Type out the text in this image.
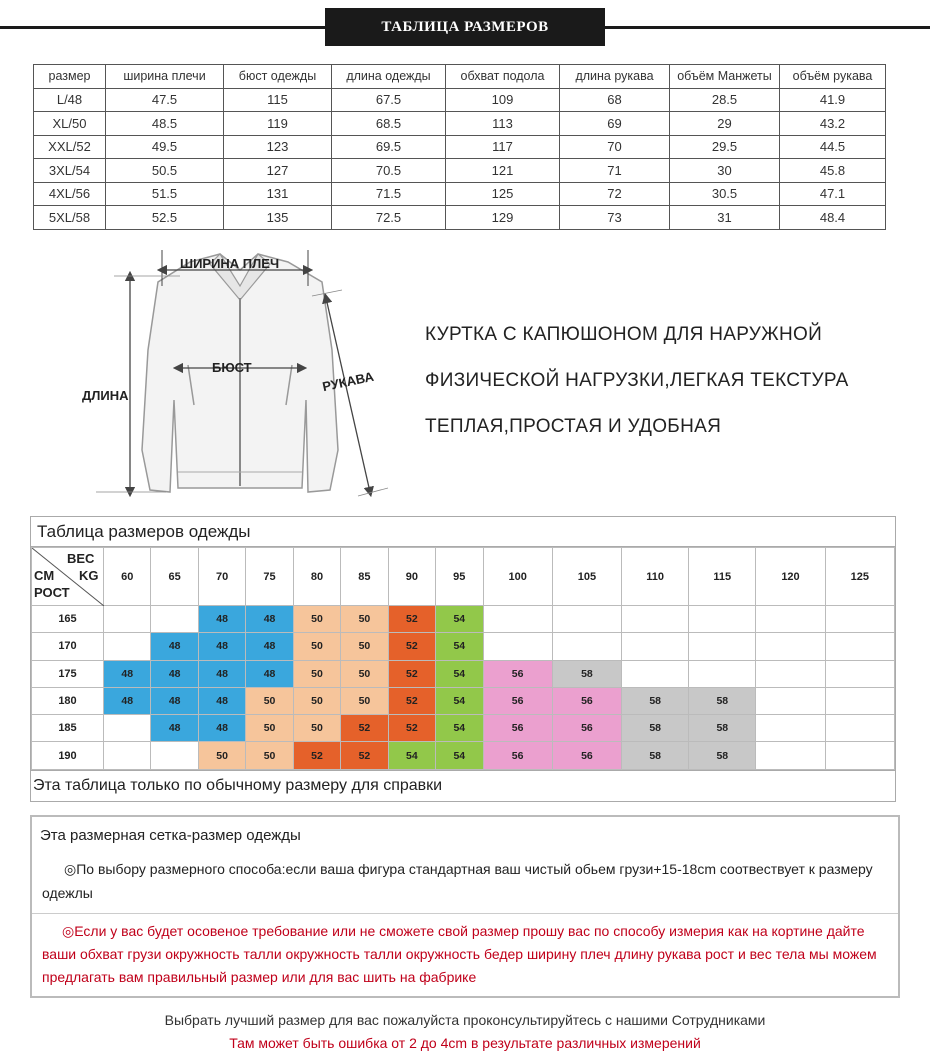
ТАБЛИЦА РАЗМЕРОВ
размер	ширина плечи	бюст одежды	длина одежды	обхват подола	длина рукава	объём Манжеты	объём рукава
L/48	47.5	115	67.5	109	68	28.5	41.9
XL/50	48.5	119	68.5	113	69	29	43.2
XXL/52	49.5	123	69.5	117	70	29.5	44.5
3XL/54	50.5	127	70.5	121	71	30	45.8
4XL/56	51.5	131	71.5	125	72	30.5	47.1
5XL/58	52.5	135	72.5	129	73	31	48.4
ШИРИНА ПЛЕЧ
БЮСТ
ДЛИНА
РУКАВА
КУРТКА С КАПЮШОНОМ ДЛЯ НАРУЖНОЙ
ФИЗИЧЕСКОЙ НАГРУЗКИ,ЛЕГКАЯ ТЕКСТУРА
ТЕПЛАЯ,ПРОСТАЯ И УДОБНАЯ
Таблица размеров одежды
ВЕС
CM KG
РОСТ	60	65	70	75	80	85	90	95	100	105	110	115	120	125
165			48	48	50	50	52	54						
170		48	48	48	50	50	52	54						
175	48	48	48	48	50	50	52	54	56	58				
180	48	48	48	50	50	50	52	54	56	56	58	58		
185		48	48	50	50	52	52	54	56	56	58	58		
190			50	50	52	52	54	54	56	56	58	58		
Эта таблица только по обычному размеру для справки
Эта размерная сетка-размер одежды
◎По выбору размерного способа:если ваша фигура стандартная ваш чистый обьем грузи+15-18cm соотвествует к размеру одежлы
◎Если у вас будет осовеное требование или не сможете свой размер прошу вас по способу измерия как на кортине дайте ваши обхват грузи окружность талли окружность талли окружность бедер ширину плеч длину рукава рост и вес тела мы можем предлагать вам правильный размер или для вас шить на фабрике
Выбрать лучший размер для вас пожалуйста проконсультируйтесь с нашими Сотрудниками
Там может быть ошибка от 2 до 4cm в результате различных измерений
